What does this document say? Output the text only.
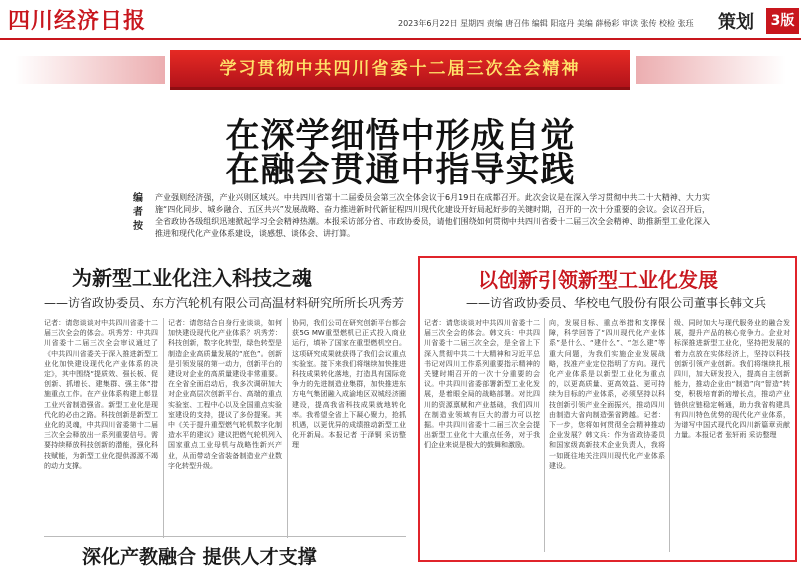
四川经济日报	2023年6月22日 星期四 责编 唐召伟 编辑 阳寇丹 美编 薛杨彩 审读 张传 校检 张珏 策划	3版
学习贯彻中共四川省委十二届三次全会精神
在深学细悟中形成自觉
在融会贯通中指导实践
编者按
产业强则经济强，产业兴则区域兴。中共四川省第十二届委员会第三次全体会议于6月19日在成都召开。此次会议是在深入学习贯彻中共二十大精神、大力实施“四化同步、城乡融合、五区共兴”发展战略、奋力推进新时代新征程四川现代化建设开好局起好步的关键时期，召开的一次十分重要的会议。会议召开后，全省政协各级组织迅速掀起学习全会精神热潮。本报采访部分省、市政协委员，请他们围绕如何贯彻中共四川省委十二届三次全会精神、助推新型工业化深入推进和现代化产业体系建设，谈感想、谈体会、讲打算。
为新型工业化注入科技之魂
——访省政协委员、东方汽轮机有限公司高温材料研究所所长巩秀芳
记者：请您谈谈对中共四川省委十二届三次全会的体会。巩秀芳：中共四川省委十二届三次全会审议通过了《中共四川省委关于深入推进新型工业化加快建设现代化产业体系的决定》，其中围绕“提质效、强长板、促创新、抓增长、建集群、强主体”措施重点工作。在产业体系构建上彰显工业兴省制造强省。新型工业化是现代化的必由之路。科技创新是新型工业化的灵魂，中共四川省委第十二届三次全会释放出一系列重要信号。需要持续释放科技创新的潜能，强化科技赋能，为新型工业化提供源源不竭的动力支撑。
记者：请您结合自身行业谈谈，如何加快建设现代化产业体系？巩秀芳：科技创新，数字化转型，绿色转型是制造企业高质量发展的“底色”。创新是引领发展的第一动力，创新平台的建设对企业的高质量建设非常重要。在全省全面启动后，我多次调研加大对企业高层次创新平台、高端的重点实验室、工程中心以及全国重点实验室建设的支持，提议了多份提案。其中《关于提升重型燃气轮机数字化制造水平的建议》建议把燃气轮机列入国家重点工业母机与战略性新兴产业，从而带动全省装备制造业产业数字化转型升级。
协同，我们公司在研究创新平台都会获5G MW重型燃机已正式投入商业运行，填补了国家在重型燃机空白。这项研究成果就获得了我们会议重点实验室。接下来我们将继续加快推进科技成果转化落地，打造具有国际竞争力的先进制造业集群，加快推进东方电气集团融入成渝地区双城经济圈建设，提高我省科技成果就地转化率。我希望全省上下凝心聚力，抢抓机遇，以更优异的成绩推动新型工业化开新局。本报记者 于泽铜 采访整理
以创新引领新型工业化发展
——访省政协委员、华校电气股份有限公司董事长韩文兵
记者：请您谈谈对中共四川省委十二届三次全会的体会。韩文兵：中共四川省委十二届三次全会，是全省上下深入贯彻中共二十大精神和习近平总书记对四川工作系列重要指示精神的关键时期召开的一次十分重要的会议。中共四川省委部署新型工业化发展，是着眼全局的战略部署。对比四川的资源禀赋和产业基础，我们四川在制造业领域有巨大的潜力可以挖掘。中共四川省委十二届三次全会提出新型工业化十大重点任务，对于我们企业来说是极大的鼓舞和激励。
向，发展目标、重点举措和支撑保障，科学回答了“四川现代化产业体系”是什么、“建什么”、“怎么建”等重大问题，为我们实施企业发展战略，找准产业定位指明了方向。现代化产业体系是以新型工业化为重点的，以更高质量、更高效益、更可持续为目标的产业体系，必须坚持以科技创新引领产业全面振兴，推动四川由制造大省向制造强省跨越。记者：下一步，您将如何贯彻全会精神推动企业发展？韩文兵：作为省政协委员和国家级高新技术企业负责人，我将一如既往地关注四川现代化产业体系建设。
级、同时加大与现代服务业的融合发展，提升产品的核心竞争力。企业对标深推进新型工业化，坚持把发展的着力点放在实体经济上，坚持以科技创新引领产业创新。我们将继续扎根四川，加大研发投入，提高自主创新能力，推动企业由“制造”向“智造”转变，积极培育新的增长点，推动产业链供应链稳定畅通，助力我省构建具有四川特色优势的现代化产业体系，为谱写中国式现代化四川新篇章贡献力量。本报记者 张轩雨 采访整理
深化产教融合 提供人才支撑
